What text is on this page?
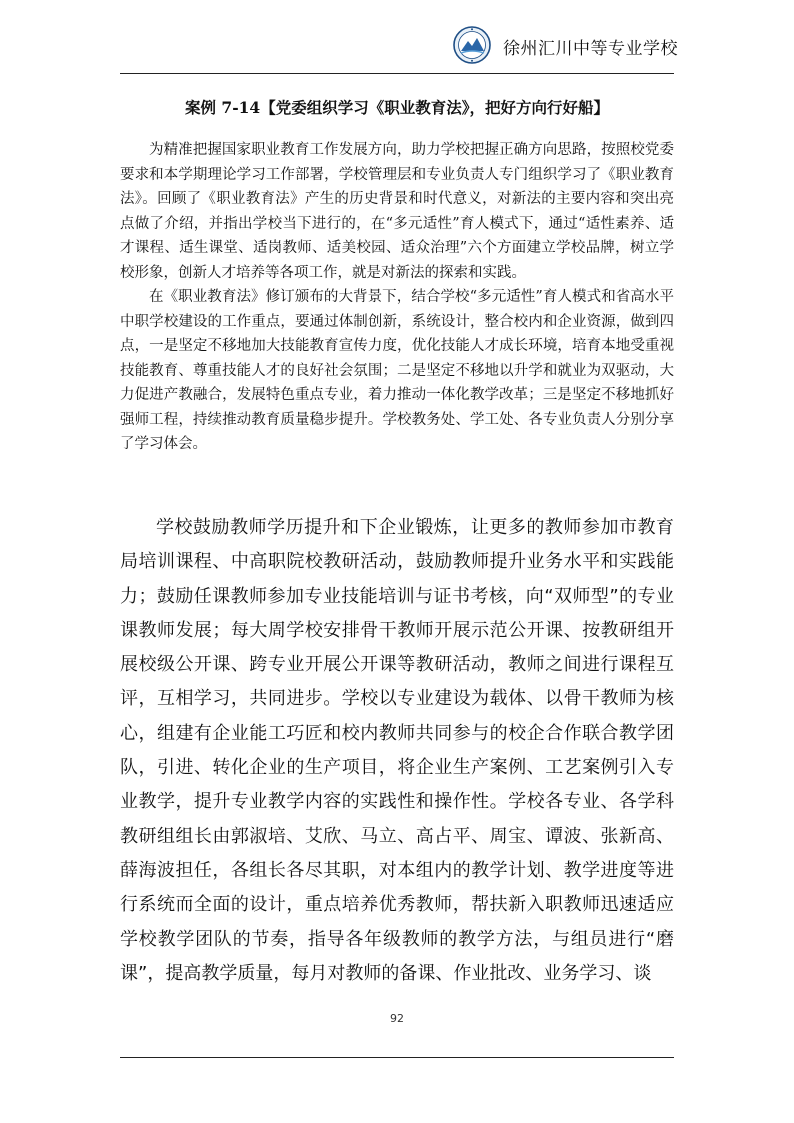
徐州汇川中等专业学校
案例 7-14【党委组织学习《职业教育法》，把好方向行好船】

为精准把握国家职业教育工作发展方向，助力学校把握正确方向思路，按照校党委要求和本学期理论学习工作部署，学校管理层和专业负责人专门组织学习了《职业教育法》。回顾了《职业教育法》产生的历史背景和时代意义，对新法的主要内容和突出亮点做了介绍，并指出学校当下进行的，在“多元适性”育人模式下，通过“适性素养、适才课程、适生课堂、适岗教师、适美校园、适众治理”六个方面建立学校品牌，树立学校形象，创新人才培养等各项工作，就是对新法的探索和实践。

在《职业教育法》修订颁布的大背景下，结合学校“多元适性”育人模式和省高水平中职学校建设的工作重点，要通过体制创新，系统设计，整合校内和企业资源，做到四点，一是坚定不移地加大技能教育宣传力度，优化技能人才成长环境，培育本地受重视技能教育、尊重技能人才的良好社会氛围；二是坚定不移地以升学和就业为双驱动，大力促进产教融合，发展特色重点专业，着力推动一体化教学改革；三是坚定不移地抓好强师工程，持续推动教育质量稳步提升。学校教务处、学工处、各专业负责人分别分享了学习体会。

学校鼓励教师学历提升和下企业锻炼，让更多的教师参加市教育局培训课程、中高职院校教研活动，鼓励教师提升业务水平和实践能力；鼓励任课教师参加专业技能培训与证书考核，向“双师型”的专业课教师发展；每大周学校安排骨干教师开展示范公开课、按教研组开展校级公开课、跨专业开展公开课等教研活动，教师之间进行课程互评，互相学习，共同进步。学校以专业建设为载体、以骨干教师为核心，组建有企业能工巧匠和校内教师共同参与的校企合作联合教学团队，引进、转化企业的生产项目，将企业生产案例、工艺案例引入专业教学，提升专业教学内容的实践性和操作性。学校各专业、各学科教研组组长由郭淑培、艾欣、马立、高占平、周宝、谭波、张新高、薛海波担任，各组长各尽其职，对本组内的教学计划、教学进度等进行系统而全面的设计，重点培养优秀教师，帮扶新入职教师迅速适应学校教学团队的节奏，指导各年级教师的教学方法，与组员进行“磨课”，提高教学质量，每月对教师的备课、作业批改、业务学习、谈

92
